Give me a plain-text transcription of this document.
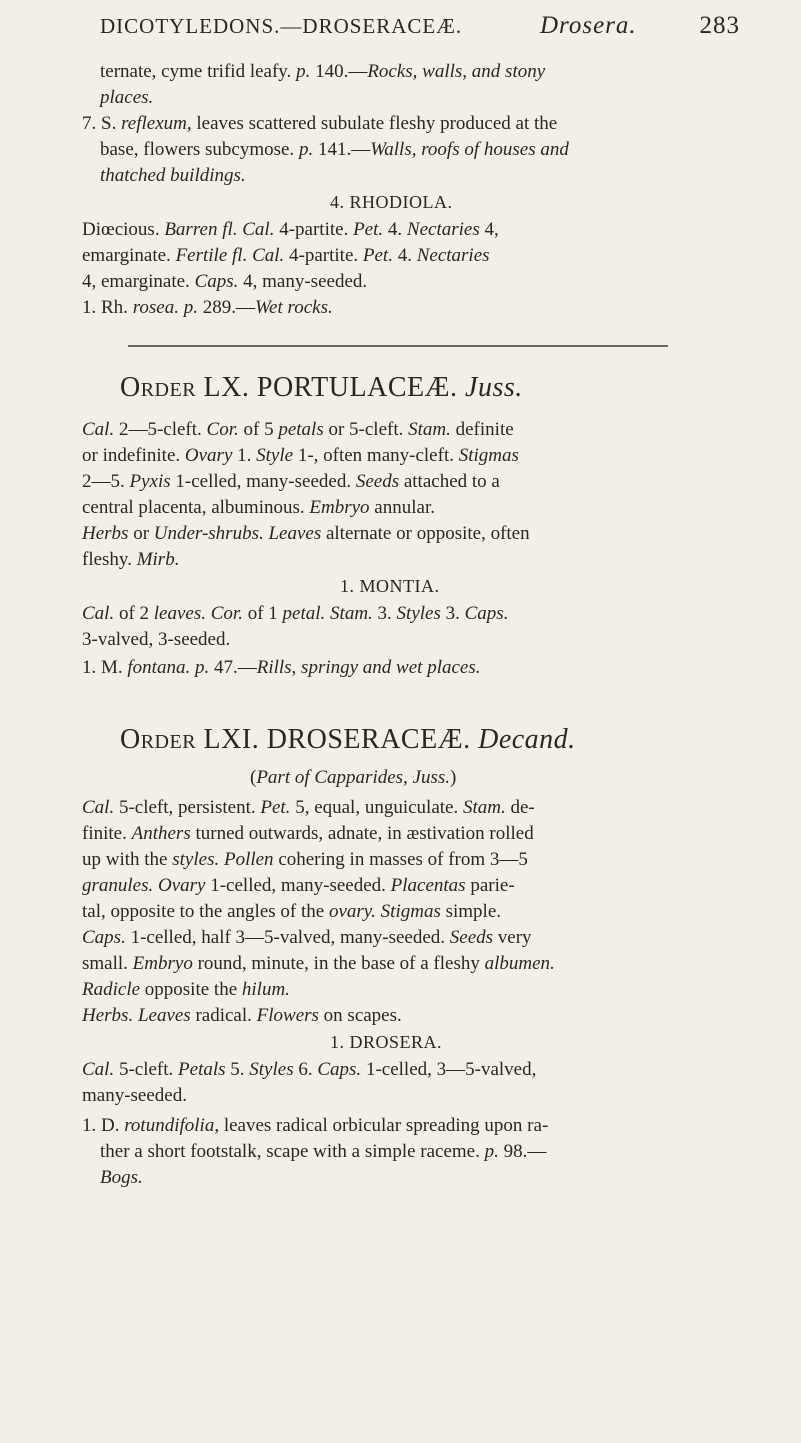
DICOTYLEDONS.—DROSERACEÆ.	Drosera.	283
ternate, cyme trifid leafy. p. 140.—Rocks, walls, and stony
places.
7. S. reflexum, leaves scattered subulate fleshy produced at the
base, flowers subcymose. p. 141.—Walls, roofs of houses and
thatched buildings.
4. RHODIOLA.
Diœcious. Barren fl. Cal. 4-partite. Pet. 4. Nectaries 4,
emarginate. Fertile fl. Cal. 4-partite. Pet. 4. Nectaries
4, emarginate. Caps. 4, many-seeded.
1. Rh. rosea. p. 289.—Wet rocks.
Order LX. PORTULACEÆ. Juss.
Cal. 2—5-cleft. Cor. of 5 petals or 5-cleft. Stam. definite
or indefinite. Ovary 1. Style 1-, often many-cleft. Stigmas
2—5. Pyxis 1-celled, many-seeded. Seeds attached to a
central placenta, albuminous. Embryo annular.
Herbs or Under-shrubs. Leaves alternate or opposite, often
fleshy. Mirb.
1. MONTIA.
Cal. of 2 leaves. Cor. of 1 petal. Stam. 3. Styles 3. Caps.
3-valved, 3-seeded.
1. M. fontana. p. 47.—Rills, springy and wet places.
Order LXI. DROSERACEÆ. Decand.
(Part of Capparides, Juss.)
Cal. 5-cleft, persistent. Pet. 5, equal, unguiculate. Stam. de-
finite. Anthers turned outwards, adnate, in æstivation rolled
up with the styles. Pollen cohering in masses of from 3—5
granules. Ovary 1-celled, many-seeded. Placentas parie-
tal, opposite to the angles of the ovary. Stigmas simple.
Caps. 1-celled, half 3—5-valved, many-seeded. Seeds very
small. Embryo round, minute, in the base of a fleshy albumen.
Radicle opposite the hilum.
Herbs. Leaves radical. Flowers on scapes.
1. DROSERA.
Cal. 5-cleft. Petals 5. Styles 6. Caps. 1-celled, 3—5-valved,
many-seeded.
1. D. rotundifolia, leaves radical orbicular spreading upon ra-
ther a short footstalk, scape with a simple raceme. p. 98.—
Bogs.
